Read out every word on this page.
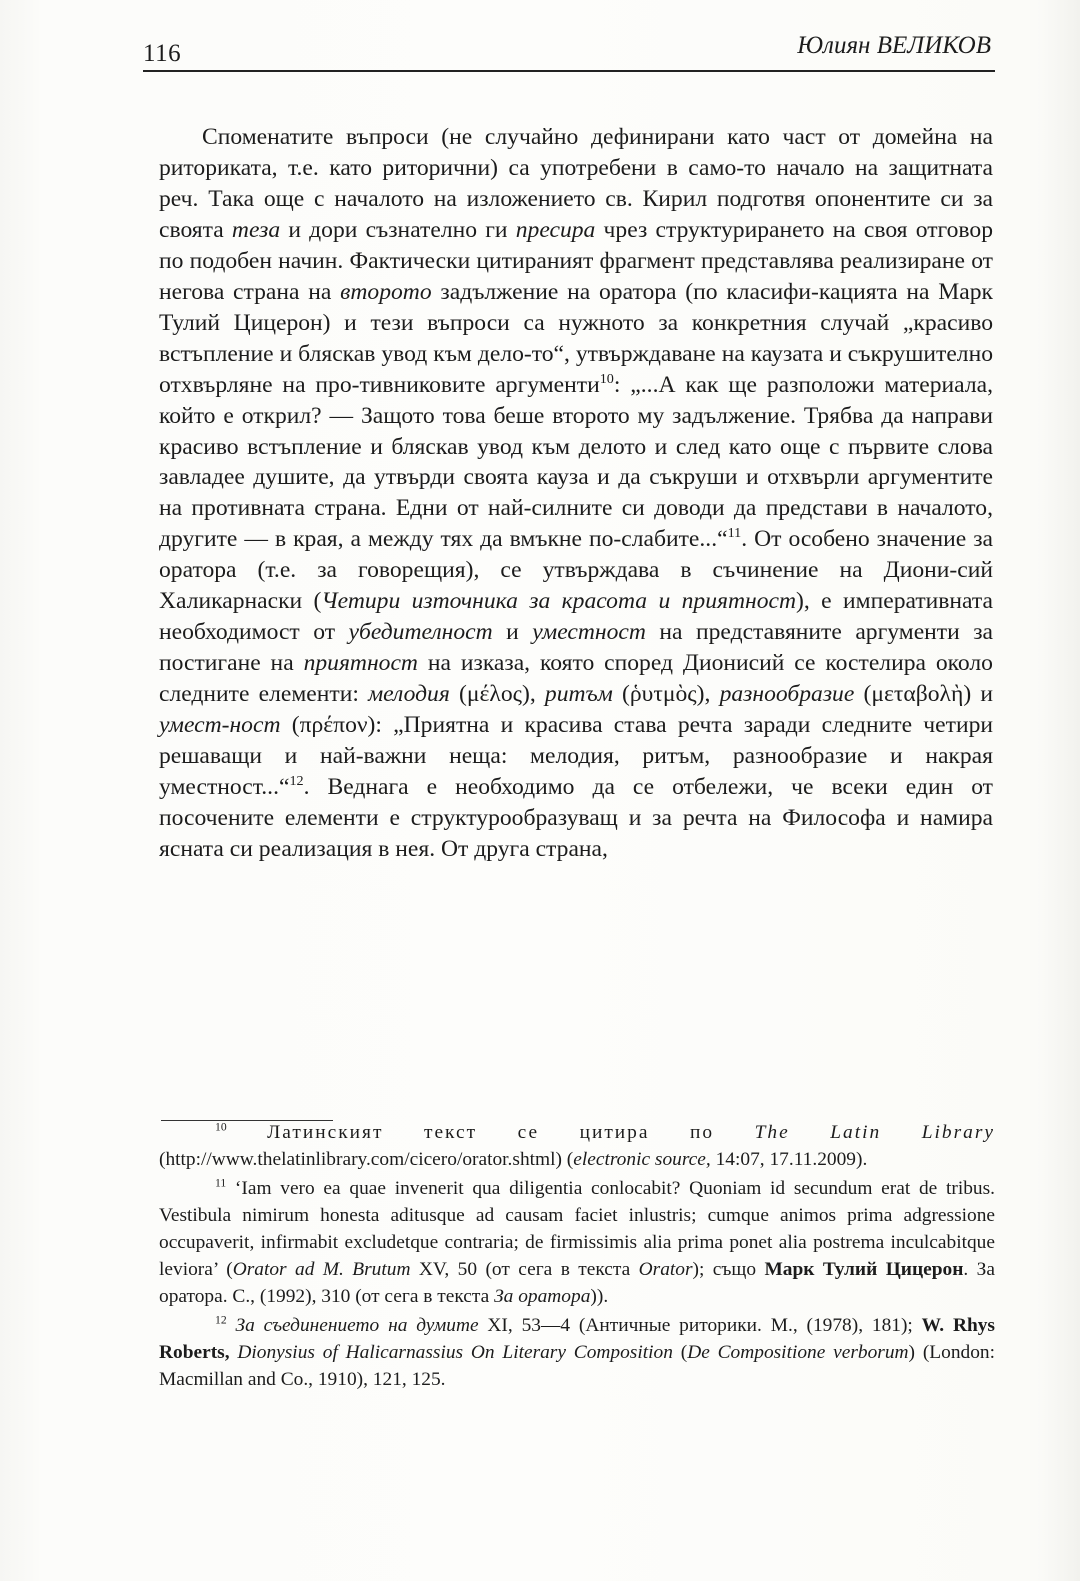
116	Юлиян ВЕЛИКОВ

Споменатите въпроси (не случайно дефинирани като част от домейна на риториката, т.е. като риторични) са употребени в само-то начало на защитната реч. Така още с началото на изложението св. Кирил подготвя опонентите си за своята теза и дори съзнателно ги пресира чрез структурирането на своя отговор по подобен начин. Фактически цитираният фрагмент представлява реализиране от негова страна на второто задължение на оратора (по класифи-кацията на Марк Тулий Цицерон) и тези въпроси са нужното за конкретния случай „красиво встъпление и бляскав увод към дело-то“, утвърждаване на каузата и съкрушително отхвърляне на про-тивниковите аргументи$^{10}$: „...А как ще разположи материала, който е открил? — Защото това беше второто му задължение. Трябва да направи красиво встъпление и бляскав увод към делото и след като още с първите слова завладее душите, да утвърди своята кауза и да съкруши и отхвърли аргументите на противната страна. Едни от най-силните си доводи да представи в началото, другите — в края, а между тях да вмъкне по-слабите...“$^{11}$. От особено значение за оратора (т.е. за говорещия), се утвърждава в съчинение на Диони-сий Халикарнаски (Четири източника за красота и приятност), е императивната необходимост от убедителност и уместност на представяните аргументи за постигане на приятност на изказа, която според Дионисий се костелира около следните елементи: мелодия (μέλος), ритъм (ῥυτμὸς), разнообразие (μεταβολὴ) и умест-ност (πρέπον): „Приятна и красива става речта заради следните четири решаващи и най-важни неща: мелодия, ритъм, разнообразие и накрая уместност...“$^{12}$. Веднага е необходимо да се отбележи, че всеки един от посочените елементи е структурообразуващ и за речта на Философа и намира ясната си реализация в нея. От друга страна,

$^{10}$ Латинският текст се цитира по The Latin Library (http://www.thelatinlibrary.com/cicero/orator.shtml) (electronic source, 14:07, 17.11.2009).

$^{11}$ ‘Iam vero ea quae invenerit qua diligentia conlocabit? Quoniam id secundum erat de tribus. Vestibula nimirum honesta aditusque ad causam faciet inlustris; cumque animos prima adgressione occupaverit, infirmabit excludetque contraria; de firmissimis alia prima ponet alia postrema inculcabitque leviora’ (Orator ad M. Brutum XV, 50 (от сега в текста Orator); също Марк Тулий Цицерон. За оратора. С., (1992), 310 (от сега в текста За оратора)).

$^{12}$ За съединението на думите XI, 53—4 (Античные риторики. М., (1978), 181); W. Rhys Roberts, Dionysius of Halicarnassius On Literary Composition (De Compositione verborum) (London: Macmillan and Co., 1910), 121, 125.
